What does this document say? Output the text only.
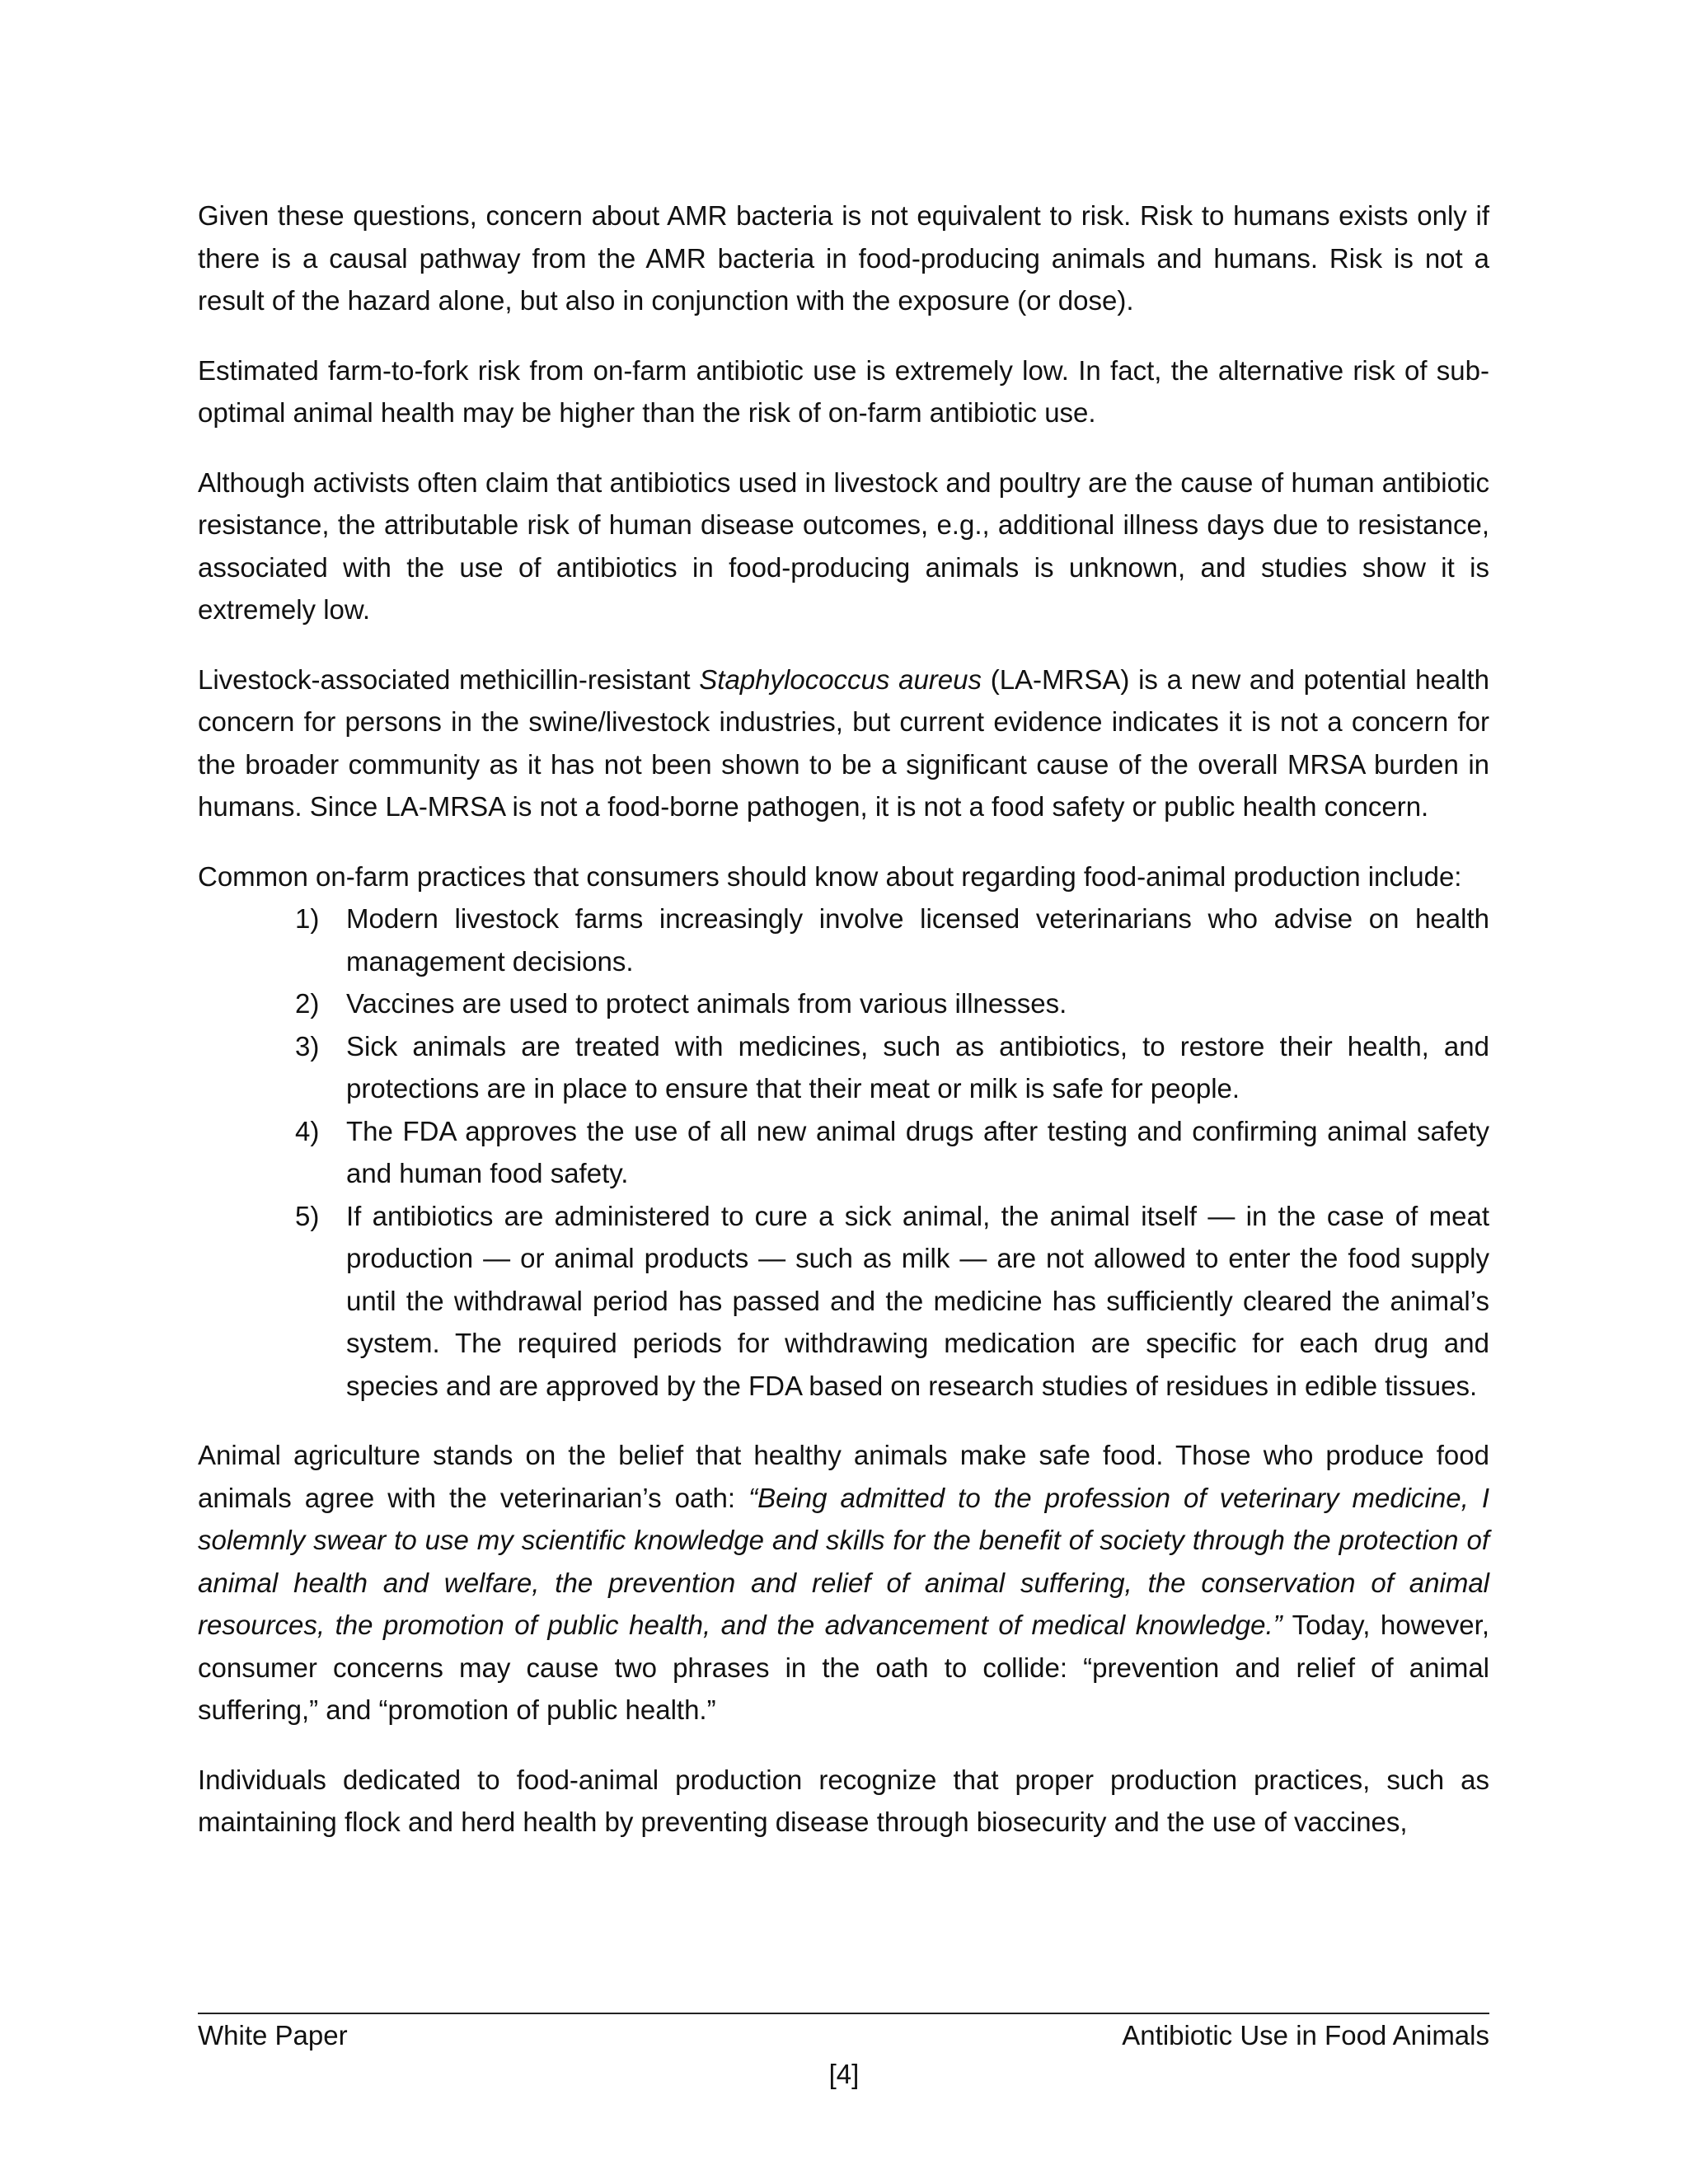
Given these questions, concern about AMR bacteria is not equivalent to risk. Risk to humans exists only if there is a causal pathway from the AMR bacteria in food-producing animals and humans. Risk is not a result of the hazard alone, but also in conjunction with the exposure (or dose).

Estimated farm-to-fork risk from on-farm antibiotic use is extremely low. In fact, the alternative risk of sub-optimal animal health may be higher than the risk of on-farm antibiotic use.

Although activists often claim that antibiotics used in livestock and poultry are the cause of human antibiotic resistance, the attributable risk of human disease outcomes, e.g., additional illness days due to resistance, associated with the use of antibiotics in food-producing animals is unknown, and studies show it is extremely low.

Livestock-associated methicillin-resistant Staphylococcus aureus (LA-MRSA) is a new and potential health concern for persons in the swine/livestock industries, but current evidence indicates it is not a concern for the broader community as it has not been shown to be a significant cause of the overall MRSA burden in humans. Since LA-MRSA is not a food-borne pathogen, it is not a food safety or public health concern.

Common on-farm practices that consumers should know about regarding food-animal production include:

1) Modern livestock farms increasingly involve licensed veterinarians who advise on health management decisions.
2) Vaccines are used to protect animals from various illnesses.
3) Sick animals are treated with medicines, such as antibiotics, to restore their health, and protections are in place to ensure that their meat or milk is safe for people.
4) The FDA approves the use of all new animal drugs after testing and confirming animal safety and human food safety.
5) If antibiotics are administered to cure a sick animal, the animal itself — in the case of meat production — or animal products — such as milk — are not allowed to enter the food supply until the withdrawal period has passed and the medicine has sufficiently cleared the animal’s system. The required periods for withdrawing medication are specific for each drug and species and are approved by the FDA based on research studies of residues in edible tissues.

Animal agriculture stands on the belief that healthy animals make safe food. Those who produce food animals agree with the veterinarian’s oath: “Being admitted to the profession of veterinary medicine, I solemnly swear to use my scientific knowledge and skills for the benefit of society through the protection of animal health and welfare, the prevention and relief of animal suffering, the conservation of animal resources, the promotion of public health, and the advancement of medical knowledge.” Today, however, consumer concerns may cause two phrases in the oath to collide: “prevention and relief of animal suffering,” and “promotion of public health.”

Individuals dedicated to food-animal production recognize that proper production practices, such as maintaining flock and herd health by preventing disease through biosecurity and the use of vaccines,

White Paper	Antibiotic Use in Food Animals
[4]
